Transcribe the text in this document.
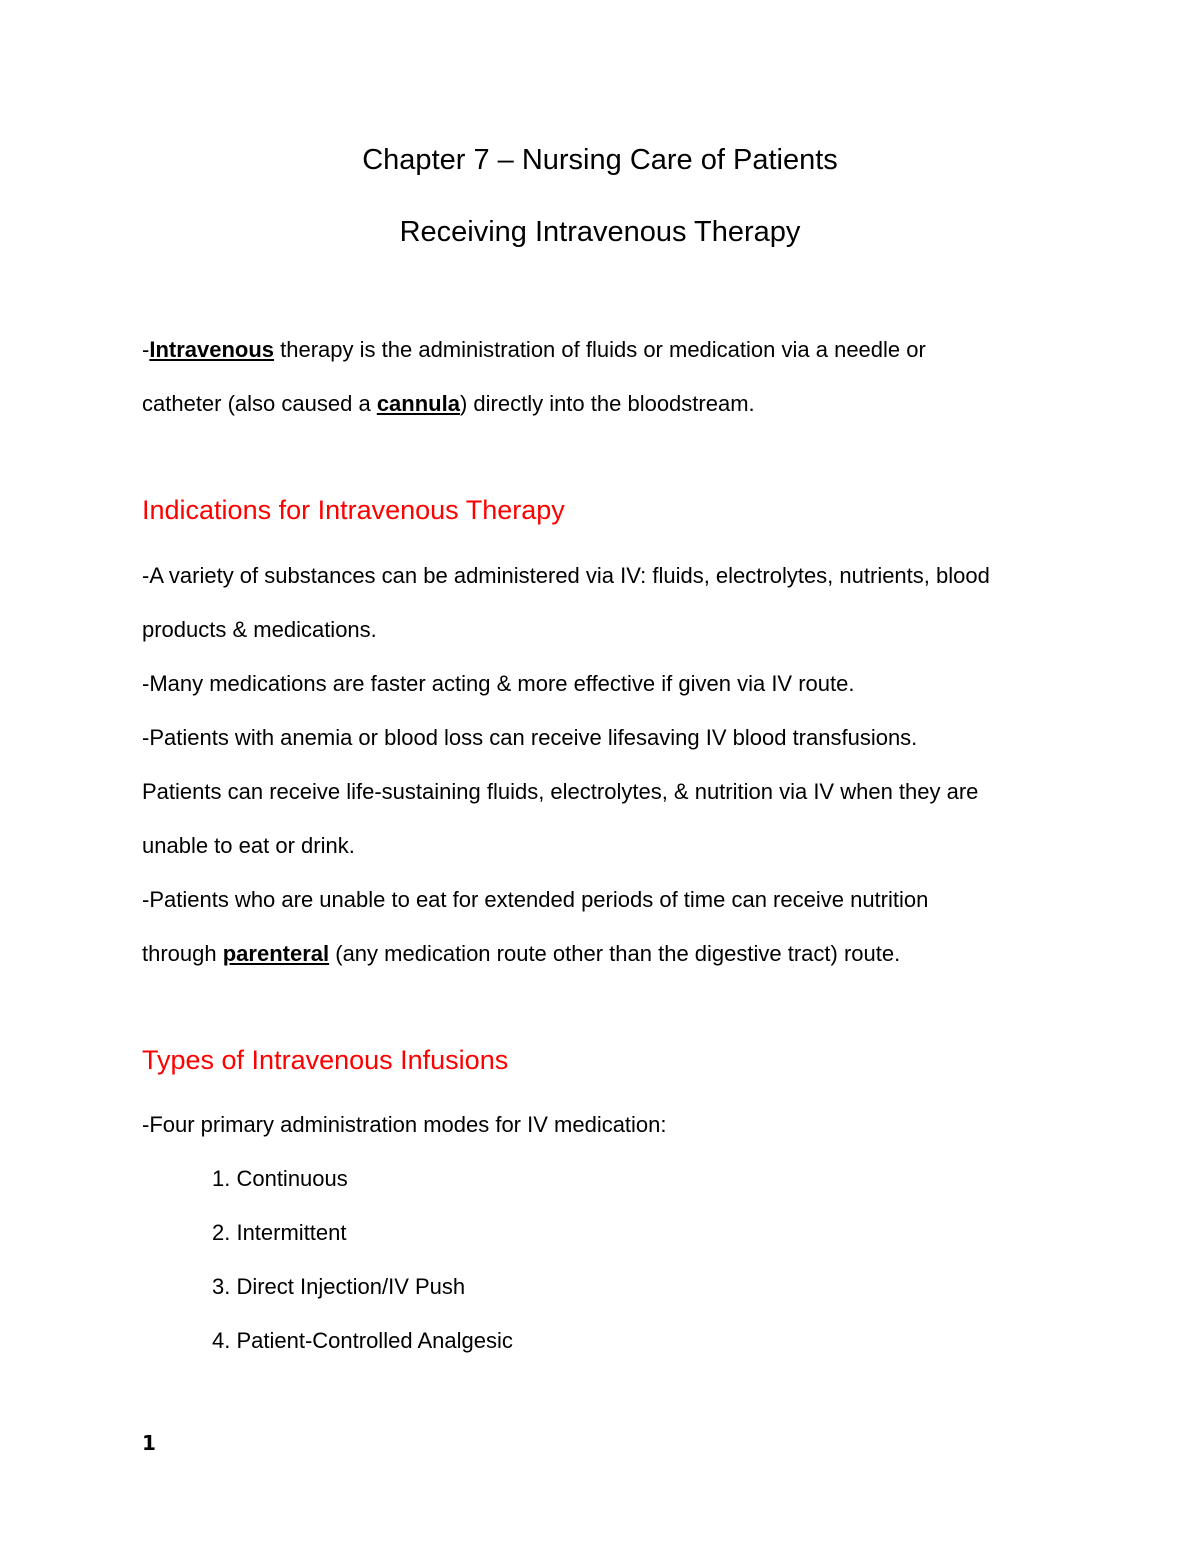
Chapter 7 – Nursing Care of Patients
Receiving Intravenous Therapy
-Intravenous therapy is the administration of fluids or medication via a needle or
catheter (also caused a cannula) directly into the bloodstream.
Indications for Intravenous Therapy
-A variety of substances can be administered via IV: fluids, electrolytes, nutrients, blood
products & medications.
-Many medications are faster acting & more effective if given via IV route.
-Patients with anemia or blood loss can receive lifesaving IV blood transfusions.
Patients can receive life-sustaining fluids, electrolytes, & nutrition via IV when they are
unable to eat or drink.
-Patients who are unable to eat for extended periods of time can receive nutrition
through parenteral (any medication route other than the digestive tract) route.
Types of Intravenous Infusions
-Four primary administration modes for IV medication:
1. Continuous
2. Intermittent
3. Direct Injection/IV Push
4. Patient-Controlled Analgesic
1
